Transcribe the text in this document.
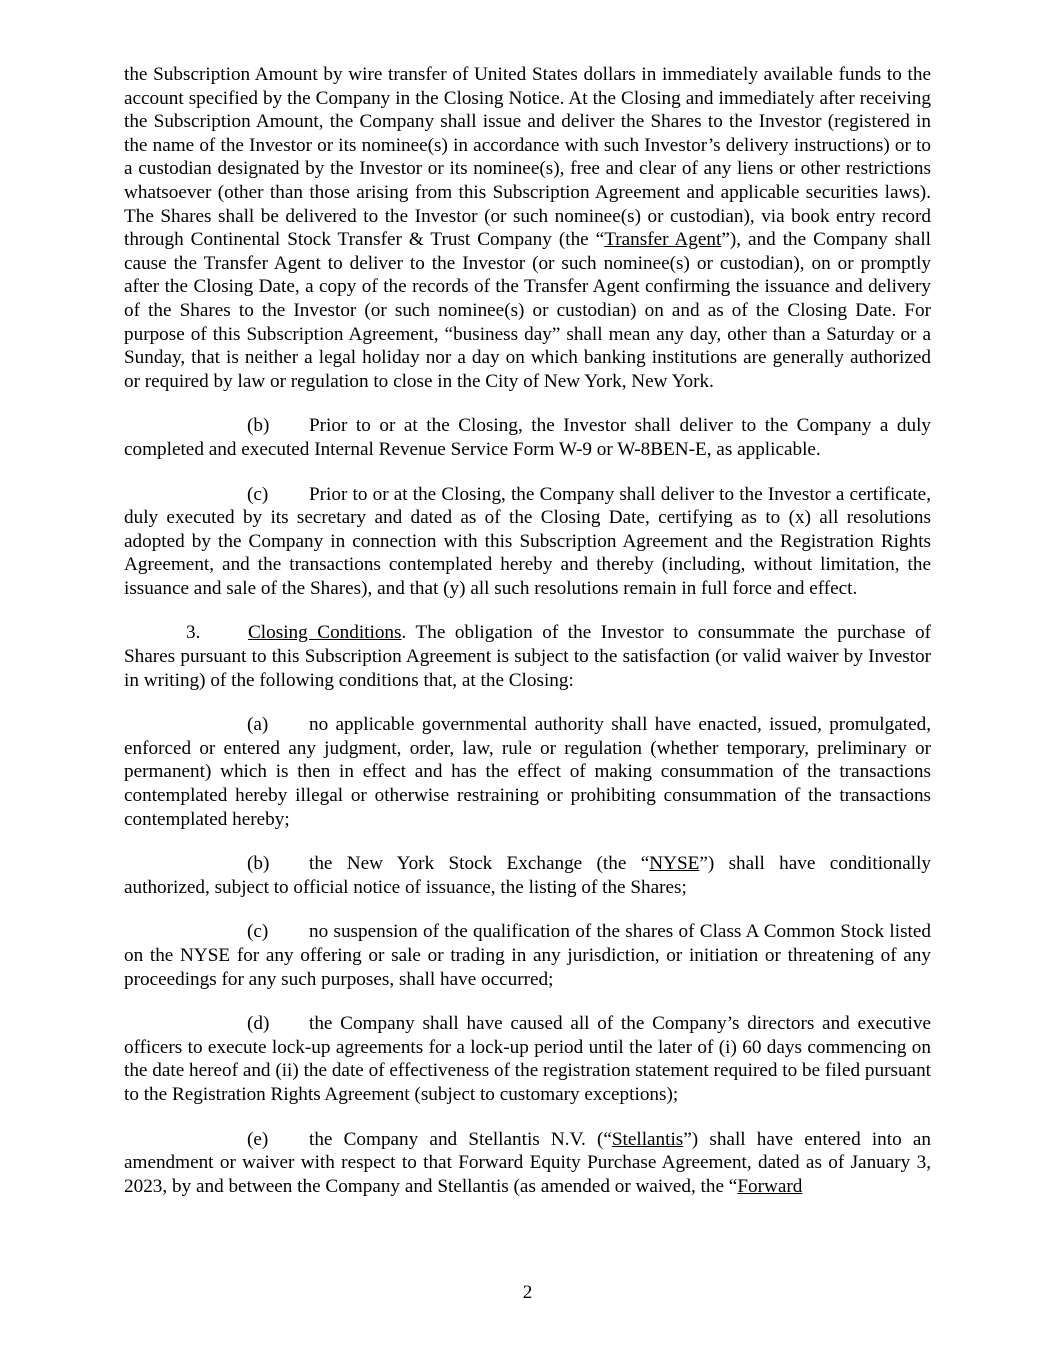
the Subscription Amount by wire transfer of United States dollars in immediately available funds to the account specified by the Company in the Closing Notice. At the Closing and immediately after receiving the Subscription Amount, the Company shall issue and deliver the Shares to the Investor (registered in the name of the Investor or its nominee(s) in accordance with such Investor’s delivery instructions) or to a custodian designated by the Investor or its nominee(s), free and clear of any liens or other restrictions whatsoever (other than those arising from this Subscription Agreement and applicable securities laws). The Shares shall be delivered to the Investor (or such nominee(s) or custodian), via book entry record through Continental Stock Transfer & Trust Company (the “Transfer Agent”), and the Company shall cause the Transfer Agent to deliver to the Investor (or such nominee(s) or custodian), on or promptly after the Closing Date, a copy of the records of the Transfer Agent confirming the issuance and delivery of the Shares to the Investor (or such nominee(s) or custodian) on and as of the Closing Date. For purpose of this Subscription Agreement, “business day” shall mean any day, other than a Saturday or a Sunday, that is neither a legal holiday nor a day on which banking institutions are generally authorized or required by law or regulation to close in the City of New York, New York.

(b) Prior to or at the Closing, the Investor shall deliver to the Company a duly completed and executed Internal Revenue Service Form W-9 or W-8BEN-E, as applicable.

(c) Prior to or at the Closing, the Company shall deliver to the Investor a certificate, duly executed by its secretary and dated as of the Closing Date, certifying as to (x) all resolutions adopted by the Company in connection with this Subscription Agreement and the Registration Rights Agreement, and the transactions contemplated hereby and thereby (including, without limitation, the issuance and sale of the Shares), and that (y) all such resolutions remain in full force and effect.

3. Closing Conditions. The obligation of the Investor to consummate the purchase of Shares pursuant to this Subscription Agreement is subject to the satisfaction (or valid waiver by Investor in writing) of the following conditions that, at the Closing:

(a) no applicable governmental authority shall have enacted, issued, promulgated, enforced or entered any judgment, order, law, rule or regulation (whether temporary, preliminary or permanent) which is then in effect and has the effect of making consummation of the transactions contemplated hereby illegal or otherwise restraining or prohibiting consummation of the transactions contemplated hereby;

(b) the New York Stock Exchange (the “NYSE”) shall have conditionally authorized, subject to official notice of issuance, the listing of the Shares;

(c) no suspension of the qualification of the shares of Class A Common Stock listed on the NYSE for any offering or sale or trading in any jurisdiction, or initiation or threatening of any proceedings for any such purposes, shall have occurred;

(d) the Company shall have caused all of the Company’s directors and executive officers to execute lock-up agreements for a lock-up period until the later of (i) 60 days commencing on the date hereof and (ii) the date of effectiveness of the registration statement required to be filed pursuant to the Registration Rights Agreement (subject to customary exceptions);

(e) the Company and Stellantis N.V. (“Stellantis”) shall have entered into an amendment or waiver with respect to that Forward Equity Purchase Agreement, dated as of January 3, 2023, by and between the Company and Stellantis (as amended or waived, the “Forward

2
